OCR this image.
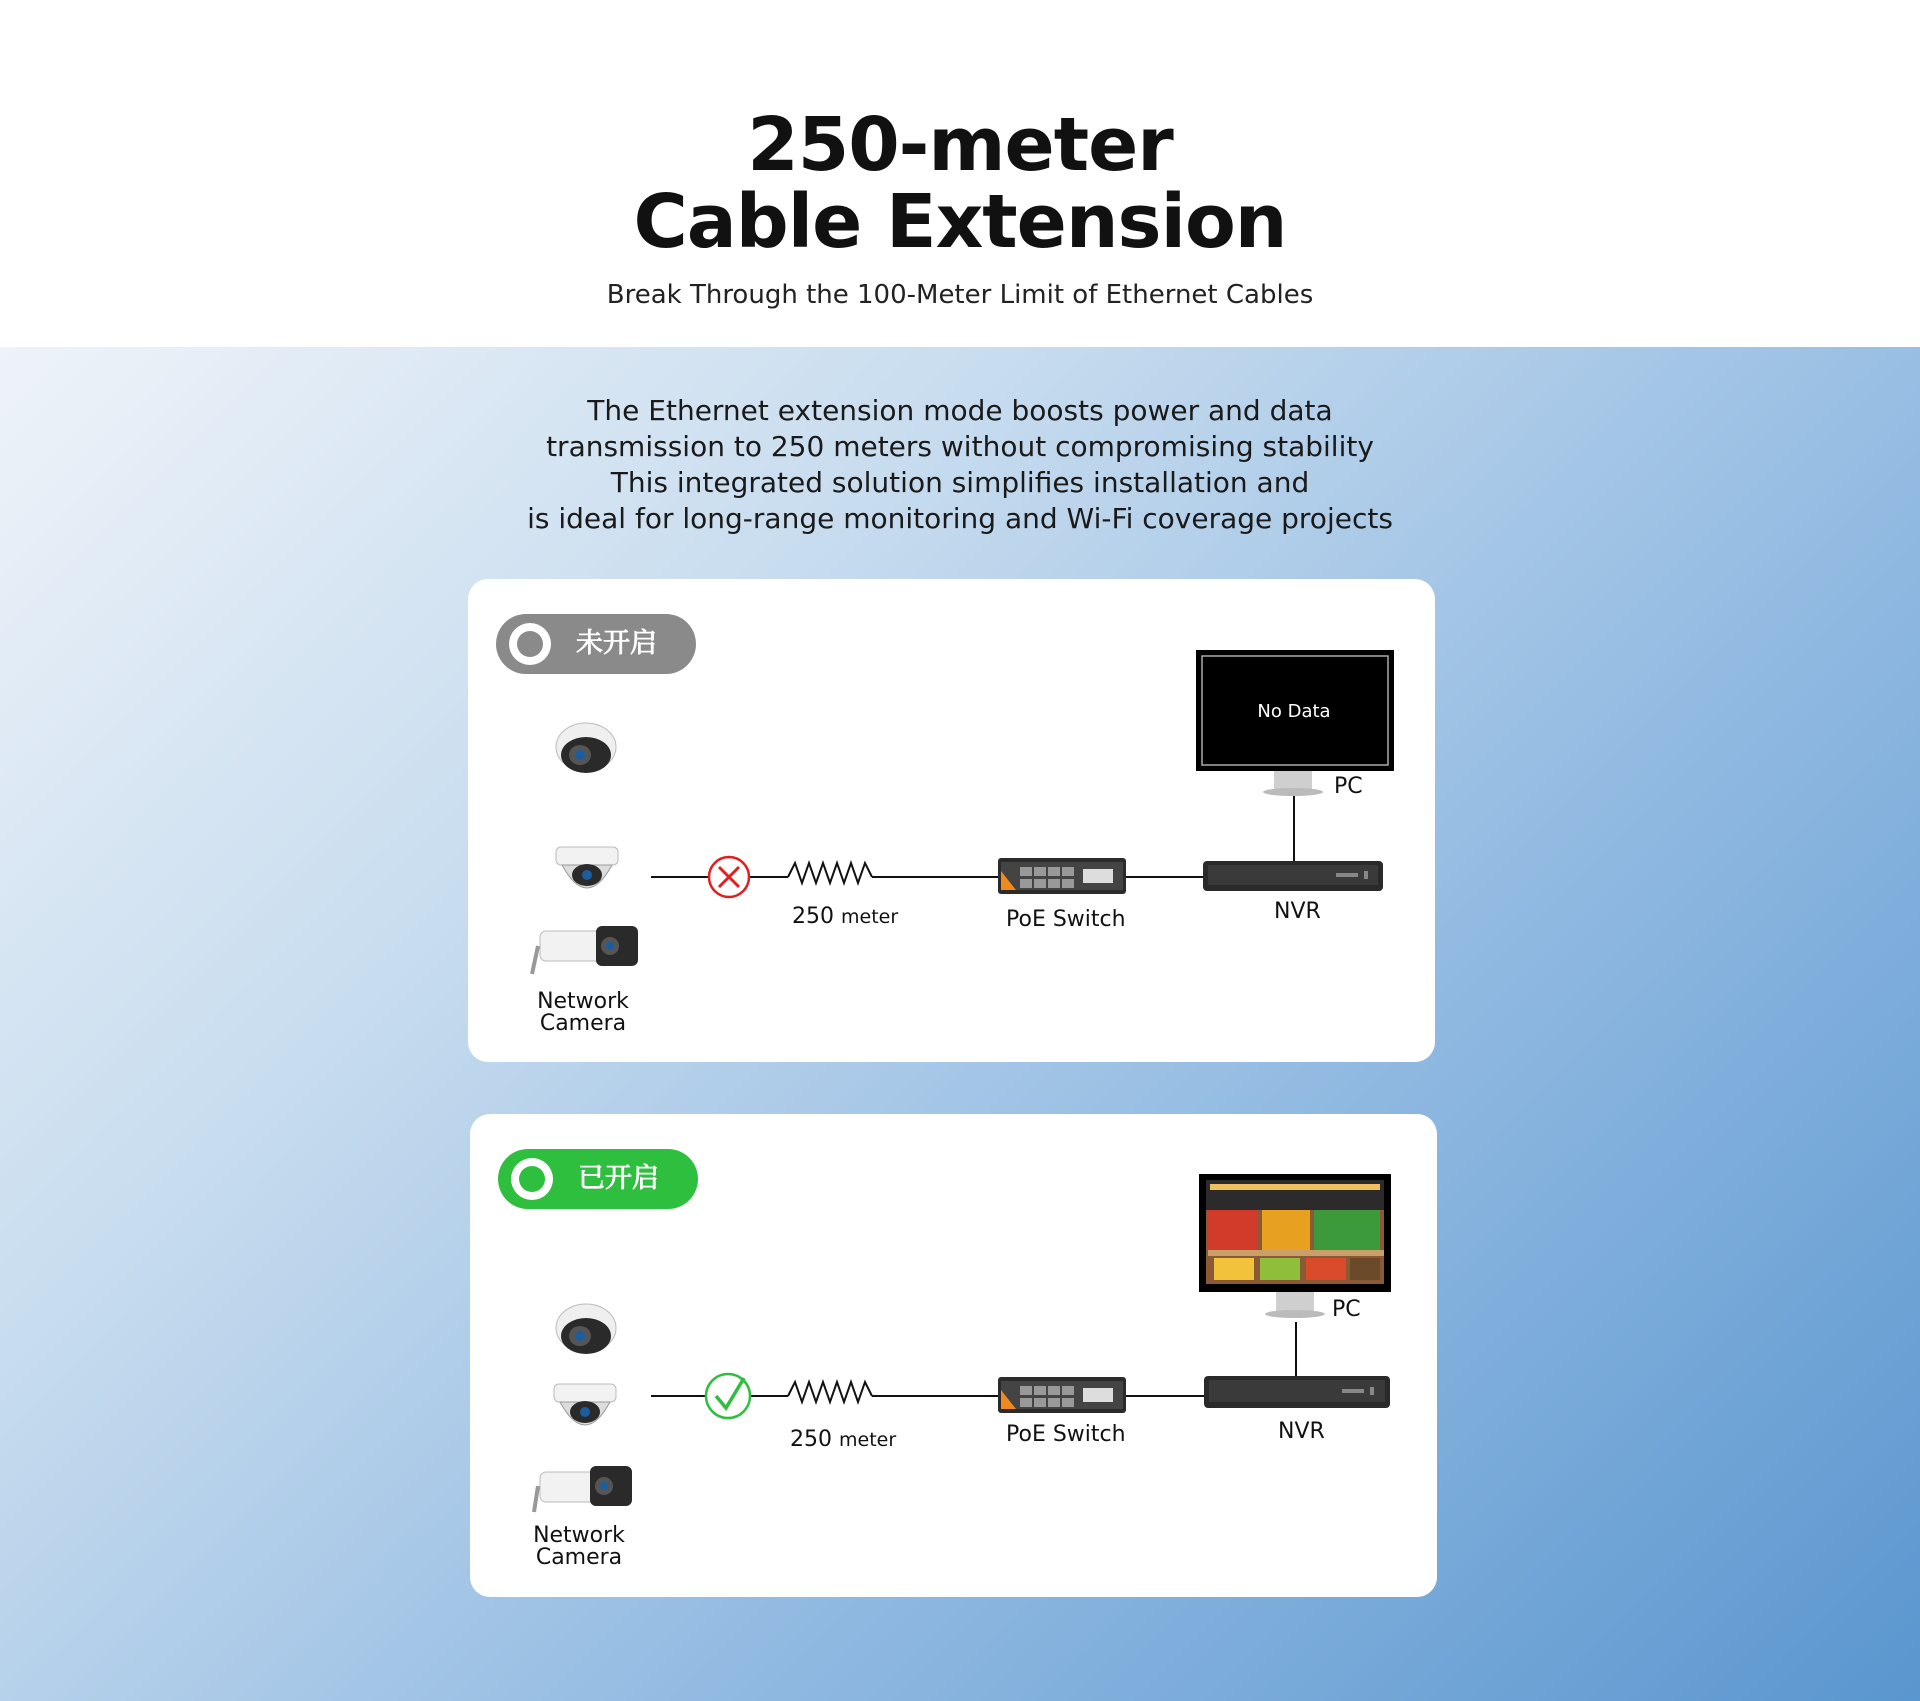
250-meter
Cable Extension
Break Through the 100-Meter Limit of Ethernet Cables
The Ethernet extension mode boosts power and data
transmission to 250 meters without compromising stability
This integrated solution simplifies installation and
is ideal for long-range monitoring and Wi-Fi coverage projects
No Data
未开启
PC
NVR
PoE Switch
250 meter
Network
Camera
已开启
PC
NVR
PoE Switch
250 meter
Network
Camera
